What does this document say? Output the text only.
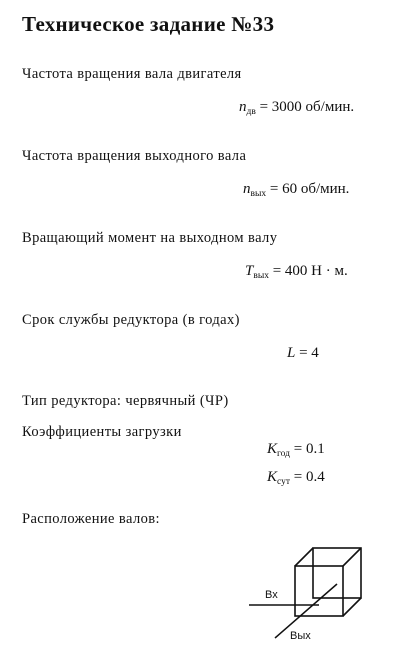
Техническое задание №33
Частота вращения вала двигателя
$n_{дв} = 3000$ об/мин.
Частота вращения выходного вала
$n_{вых} = 60$ об/мин.
Вращающий момент на выходном валу
$T_{вых} = 400$ Н · м.
Срок службы редуктора (в годах)
L = 4
Тип редуктора: червячный (ЧР)
Коэффициенты загрузки
$K_{год} = 0.1$
$K_{сут} = 0.4$
Расположение валов:
Вх
Вых
